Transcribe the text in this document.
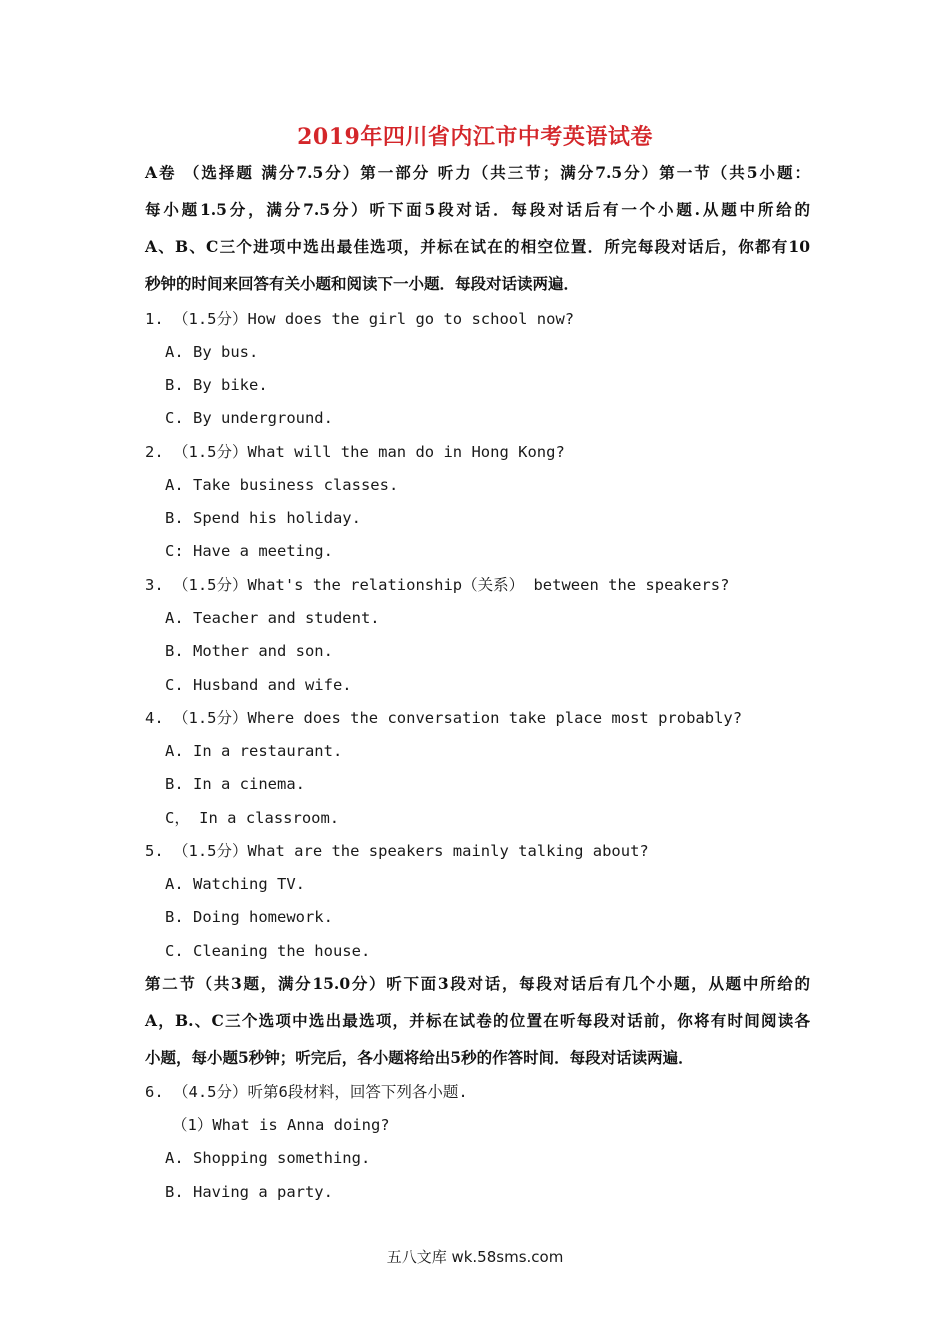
2019年四川省内江市中考英语试卷
A卷 （选择题 满分7.5分）第一部分 听力（共三节；满分7.5分）第一节（共5小题：
每小题1.5分，满分7.5分）听下面5段对话．每段对话后有一个小题.从题中所给的
A、B、C三个进项中选出最佳选项，并标在试在的相空位置．所完每段对话后，你都有10
秒钟的时间来回答有关小题和阅读下一小题．每段对话读两遍．
1. （1.5分）How does the girl go to school now?
A. By bus.
B. By bike.
C. By underground.
2. （1.5分）What will the man do in Hong Kong?
A. Take business classes.
B. Spend his holiday.
C: Have a meeting.
3. （1.5分）What's the relationship（关系） between the speakers?
A. Teacher and student.
B. Mother and son.
C. Husband and wife.
4. （1.5分）Where does the conversation take place most probably?
A. In a restaurant.
B. In a cinema.
C， In a classroom.
5. （1.5分）What are the speakers mainly talking about?
A. Watching TV.
B. Doing homework.
C. Cleaning the house.
第二节（共3题，满分15.0分）听下面3段对话，每段对话后有几个小题，从题中所给的
A，B.、C三个选项中选出最选项，并标在试卷的位置在听每段对话前，你将有时间阅读各
小题，每小题5秒钟；听完后，各小题将给出5秒的作答时间．每段对话读两遍．
6. （4.5分）听第6段材料，回答下列各小题.
（1）What is Anna doing?
A. Shopping something.
B. Having a party.
五八文库 wk.58sms.com
